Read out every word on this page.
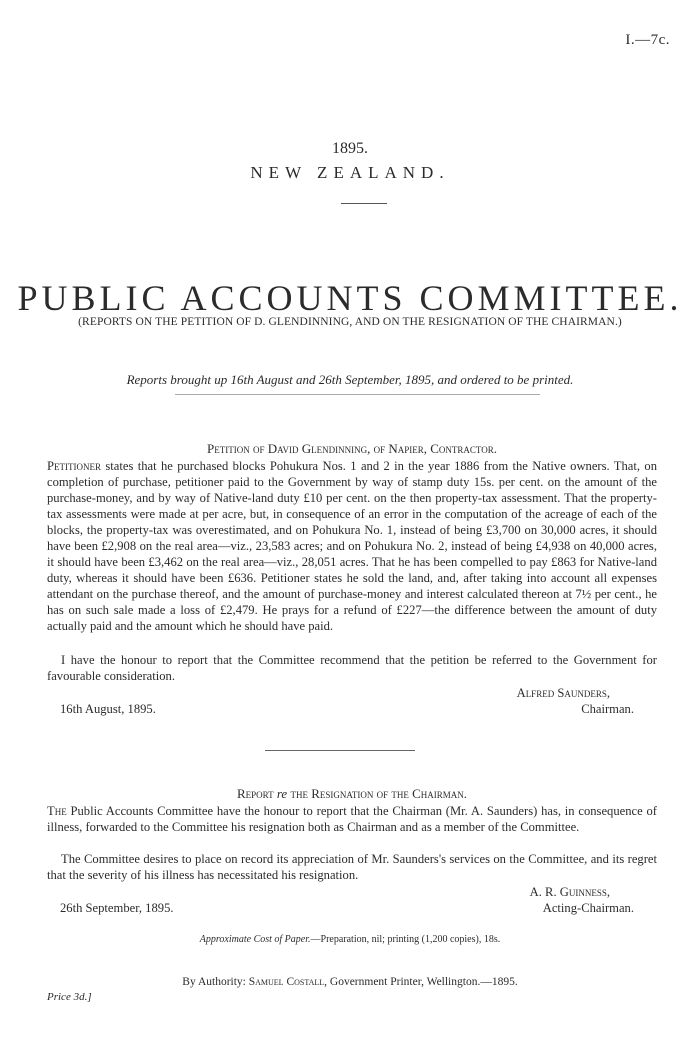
I.—7c.
1895.
NEW ZEALAND.
PUBLIC ACCOUNTS COMMITTEE.
(REPORTS ON THE PETITION OF D. GLENDINNING, AND ON THE RESIGNATION OF THE CHAIRMAN.)
Reports brought up 16th August and 26th September, 1895, and ordered to be printed.
Petition of David Glendinning, of Napier, Contractor.

Petitioner states that he purchased blocks Pohukura Nos. 1 and 2 in the year 1886 from the Native owners. That, on completion of purchase, petitioner paid to the Government by way of stamp duty 15s. per cent. on the amount of the purchase-money, and by way of Native-land duty £10 per cent. on the then property-tax assessment. That the property-tax assessments were made at per acre, but, in consequence of an error in the computation of the acreage of each of the blocks, the property-tax was overestimated, and on Pohukura No. 1, instead of being £3,700 on 30,000 acres, it should have been £2,908 on the real area—viz., 23,583 acres; and on Pohukura No. 2, instead of being £4,938 on 40,000 acres, it should have been £3,462 on the real area—viz., 28,051 acres. That he has been compelled to pay £863 for Native-land duty, whereas it should have been £636. Petitioner states he sold the land, and, after taking into account all expenses attendant on the purchase thereof, and the amount of purchase-money and interest calculated thereon at 7½ per cent., he has on such sale made a loss of £2,479. He prays for a refund of £227—the difference between the amount of duty actually paid and the amount which he should have paid.

I have the honour to report that the Committee recommend that the petition be referred to the Government for favourable consideration.

Alfred Saunders,
16th August, 1895.	Chairman.
Report re the Resignation of the Chairman.

The Public Accounts Committee have the honour to report that the Chairman (Mr. A. Saunders) has, in consequence of illness, forwarded to the Committee his resignation both as Chairman and as a member of the Committee.

The Committee desires to place on record its appreciation of Mr. Saunders's services on the Committee, and its regret that the severity of his illness has necessitated his resignation.

A. R. Guinness,
26th September, 1895.	Acting-Chairman.
Approximate Cost of Paper.—Preparation, nil; printing (1,200 copies), 18s.
By Authority: Samuel Costall, Government Printer, Wellington.—1895.
Price 3d.]
